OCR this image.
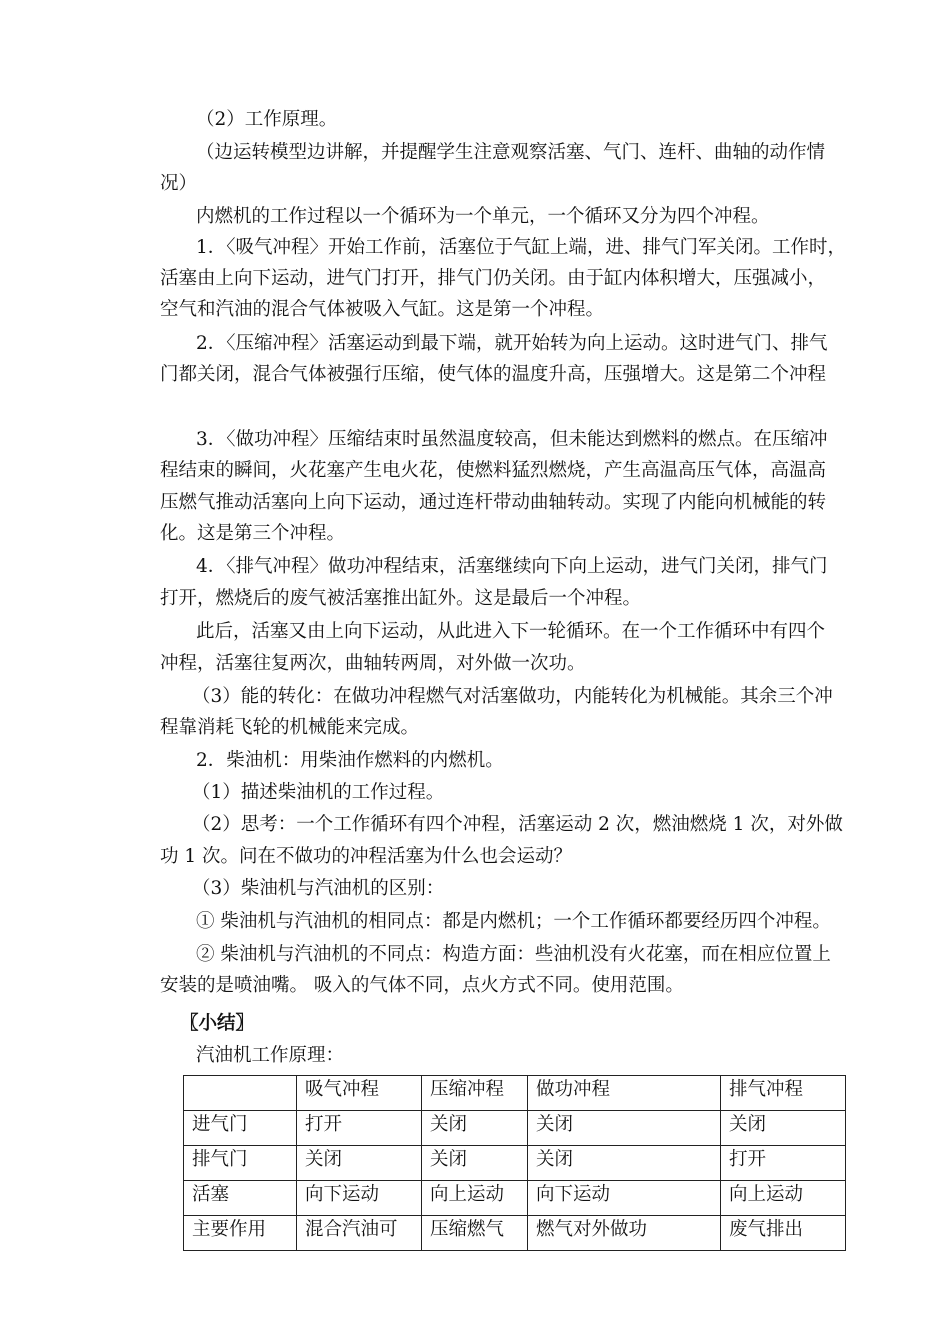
（2）工作原理。
（边运转模型边讲解，并提醒学生注意观察活塞、气门、连杆、曲轴的动作情
况）
内燃机的工作过程以一个循环为一个单元，一个循环又分为四个冲程。
1．〈吸气冲程〉开始工作前，活塞位于气缸上端，进、排气门军关闭。工作时，
活塞由上向下运动，进气门打开，排气门仍关闭。由于缸内体积增大，压强减小，
空气和汽油的混合气体被吸入气缸。这是第一个冲程。
2．〈压缩冲程〉活塞运动到最下端，就开始转为向上运动。这时进气门、排气
门都关闭，混合气体被强行压缩，使气体的温度升高，压强增大。这是第二个冲程
3．〈做功冲程〉压缩结束时虽然温度较高，但未能达到燃料的燃点。在压缩冲
程结束的瞬间，火花塞产生电火花，使燃料猛烈燃烧，产生高温高压气体，高温高
压燃气推动活塞向上向下运动，通过连杆带动曲轴转动。实现了内能向机械能的转
化。这是第三个冲程。
4．〈排气冲程〉做功冲程结束，活塞继续向下向上运动，进气门关闭，排气门
打开，燃烧后的废气被活塞推出缸外。这是最后一个冲程。
此后，活塞又由上向下运动，从此进入下一轮循环。在一个工作循环中有四个
冲程，活塞往复两次，曲轴转两周，对外做一次功。
（3）能的转化：在做功冲程燃气对活塞做功，内能转化为机械能。其余三个冲
程靠消耗飞轮的机械能来完成。
2．柴油机：用柴油作燃料的内燃机。
（1）描述柴油机的工作过程。
（2）思考：一个工作循环有四个冲程，活塞运动 2 次，燃油燃烧 1 次，对外做
功 1 次。问在不做功的冲程活塞为什么也会运动？
（3）柴油机与汽油机的区别：
① 柴油机与汽油机的相同点：都是内燃机；一个工作循环都要经历四个冲程。
② 柴油机与汽油机的不同点：构造方面：些油机没有火花塞，而在相应位置上
安装的是喷油嘴。 吸入的气体不同，点火方式不同。使用范围。
〖小结〗
汽油机工作原理：
	吸气冲程	压缩冲程	做功冲程	排气冲程
进气门	打开	关闭	关闭	关闭
排气门	关闭	关闭	关闭	打开
活塞	向下运动	向上运动	向下运动	向上运动
主要作用	混合汽油可	压缩燃气	燃气对外做功	废气排出
